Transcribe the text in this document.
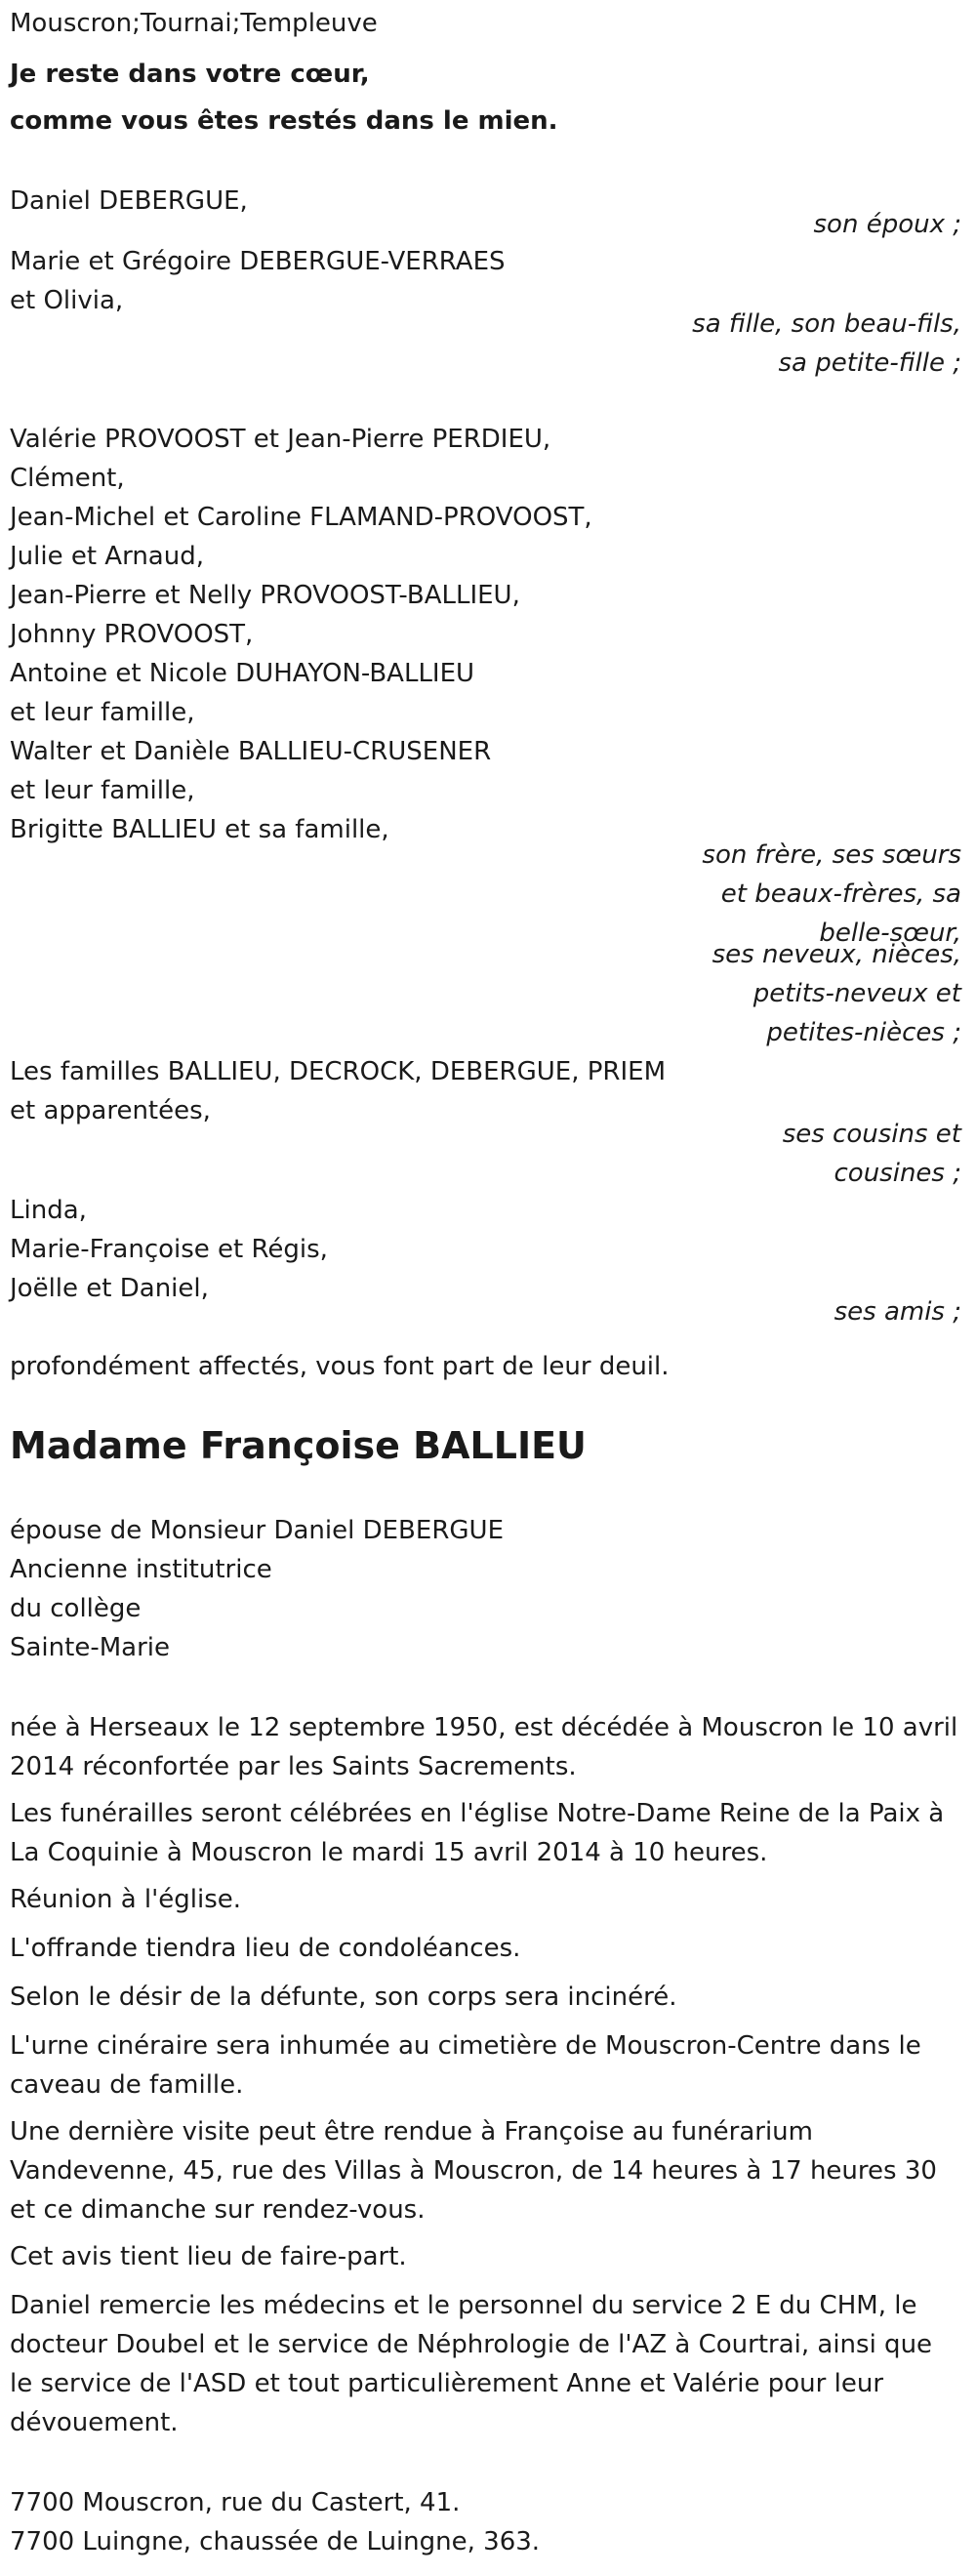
Mouscron;Tournai;Templeuve
Je reste dans votre cœur,
comme vous êtes restés dans le mien.
Daniel DEBERGUE,
son époux ;
Marie et Grégoire DEBERGUE-VERRAES
et Olivia,
sa fille, son beau-fils, sa petite-fille ;
Valérie PROVOOST et Jean-Pierre PERDIEU,
Clément,
Jean-Michel et Caroline FLAMAND-PROVOOST,
Julie et Arnaud,
Jean-Pierre et Nelly PROVOOST-BALLIEU,
Johnny PROVOOST,
Antoine et Nicole DUHAYON-BALLIEU
et leur famille,
Walter et Danièle BALLIEU-CRUSENER
et leur famille,
Brigitte BALLIEU et sa famille,
son frère, ses sœurs et beaux-frères, sa belle-sœur,
ses neveux, nièces, petits-neveux et petites-nièces ;
Les familles BALLIEU, DECROCK, DEBERGUE, PRIEM
et apparentées,
ses cousins et cousines ;
Linda,
Marie-Françoise et Régis,
Joëlle et Daniel,
ses amis ;
profondément affectés, vous font part de leur deuil.
Madame Françoise BALLIEU
épouse de Monsieur Daniel DEBERGUE
Ancienne institutrice
du collège
Sainte-Marie
née à Herseaux le 12 septembre 1950, est décédée à Mouscron le 10 avril
2014 réconfortée par les Saints Sacrements.
Les funérailles seront célébrées en l'église Notre-Dame Reine de la Paix à
La Coquinie à Mouscron le mardi 15 avril 2014 à 10 heures.
Réunion à l'église.
L'offrande tiendra lieu de condoléances.
Selon le désir de la défunte, son corps sera incinéré.
L'urne cinéraire sera inhumée au cimetière de Mouscron-Centre dans le
caveau de famille.
Une dernière visite peut être rendue à Françoise au funérarium
Vandevenne, 45, rue des Villas à Mouscron, de 14 heures à 17 heures 30
et ce dimanche sur rendez-vous.
Cet avis tient lieu de faire-part.
Daniel remercie les médecins et le personnel du service 2 E du CHM, le
docteur Doubel et le service de Néphrologie de l'AZ à Courtrai, ainsi que
le service de l'ASD et tout particulièrement Anne et Valérie pour leur
dévouement.
7700 Mouscron, rue du Castert, 41.
7700 Luingne, chaussée de Luingne, 363.
